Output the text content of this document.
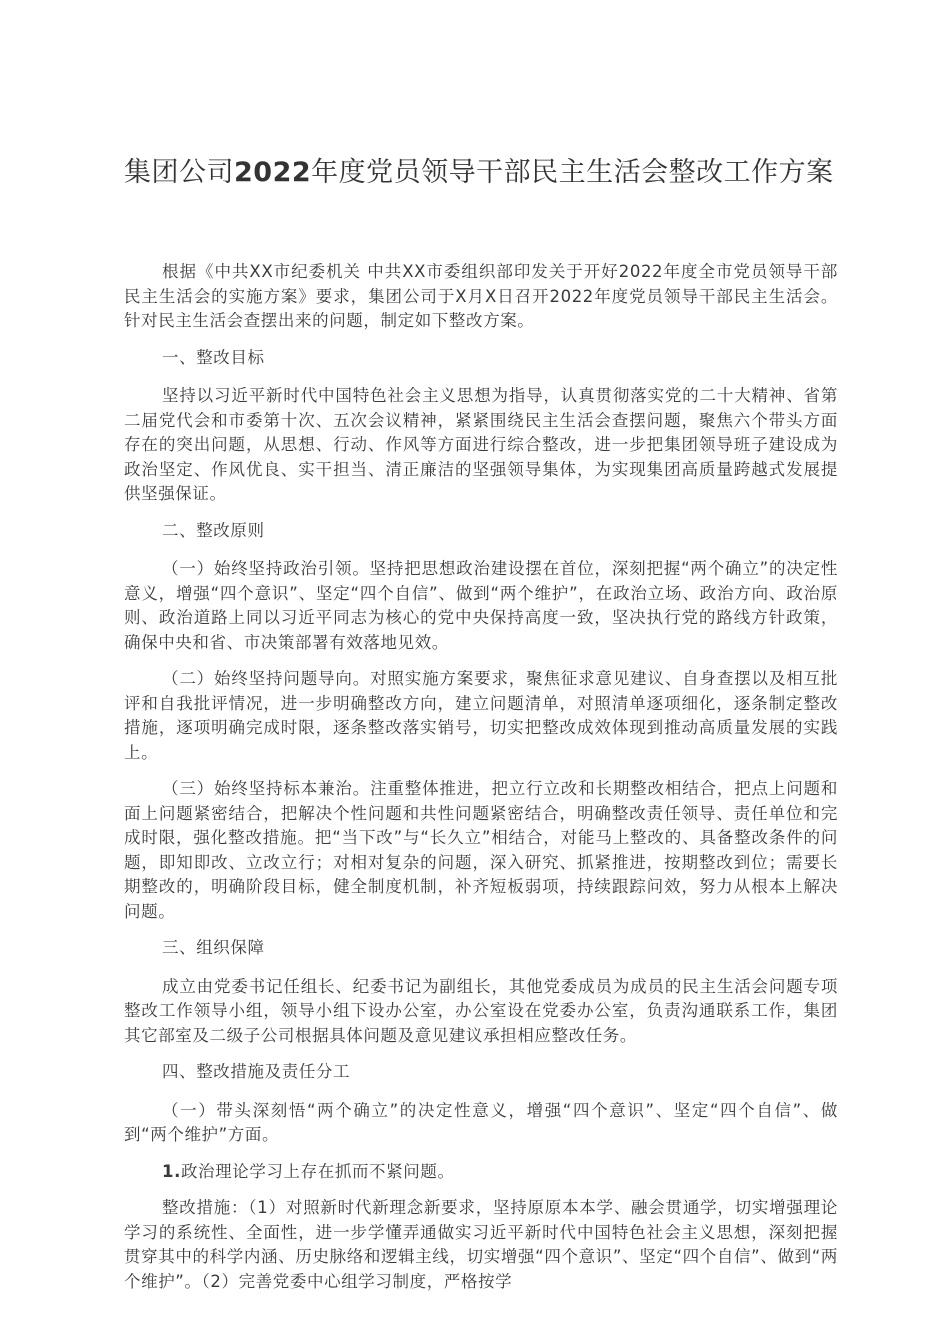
集团公司2022年度党员领导干部民主生活会整改工作方案

根据《中共XX市纪委机关 中共XX市委组织部印发关于开好2022年度全市党员领导干部民主生活会的实施方案》要求，集团公司于X月X日召开2022年度党员领导干部民主生活会。针对民主生活会查摆出来的问题，制定如下整改方案。

一、整改目标

坚持以习近平新时代中国特色社会主义思想为指导，认真贯彻落实党的二十大精神、省第二届党代会和市委第十次、五次会议精神，紧紧围绕民主生活会查摆问题，聚焦六个带头方面存在的突出问题，从思想、行动、作风等方面进行综合整改，进一步把集团领导班子建设成为政治坚定、作风优良、实干担当、清正廉洁的坚强领导集体，为实现集团高质量跨越式发展提供坚强保证。

二、整改原则

（一）始终坚持政治引领。坚持把思想政治建设摆在首位，深刻把握“两个确立”的决定性意义，增强“四个意识”、坚定“四个自信”、做到“两个维护”，在政治立场、政治方向、政治原则、政治道路上同以习近平同志为核心的党中央保持高度一致，坚决执行党的路线方针政策，确保中央和省、市决策部署有效落地见效。

（二）始终坚持问题导向。对照实施方案要求，聚焦征求意见建议、自身查摆以及相互批评和自我批评情况，进一步明确整改方向，建立问题清单，对照清单逐项细化，逐条制定整改措施，逐项明确完成时限，逐条整改落实销号，切实把整改成效体现到推动高质量发展的实践上。

（三）始终坚持标本兼治。注重整体推进，把立行立改和长期整改相结合，把点上问题和面上问题紧密结合，把解决个性问题和共性问题紧密结合，明确整改责任领导、责任单位和完成时限，强化整改措施。把“当下改”与“长久立”相结合，对能马上整改的、具备整改条件的问题，即知即改、立改立行；对相对复杂的问题，深入研究、抓紧推进，按期整改到位；需要长期整改的，明确阶段目标，健全制度机制，补齐短板弱项，持续跟踪问效，努力从根本上解决问题。

三、组织保障

成立由党委书记任组长、纪委书记为副组长，其他党委成员为成员的民主生活会问题专项整改工作领导小组，领导小组下设办公室，办公室设在党委办公室，负责沟通联系工作，集团其它部室及二级子公司根据具体问题及意见建议承担相应整改任务。

四、整改措施及责任分工

（一）带头深刻悟“两个确立”的决定性意义，增强“四个意识”、坚定“四个自信”、做到“两个维护”方面。

1.政治理论学习上存在抓而不紧问题。

整改措施：（1）对照新时代新理念新要求，坚持原原本本学、融会贯通学，切实增强理论学习的系统性、全面性，进一步学懂弄通做实习近平新时代中国特色社会主义思想，深刻把握贯穿其中的科学内涵、历史脉络和逻辑主线，切实增强“四个意识”、坚定“四个自信”、做到“两个维护”。（2）完善党委中心组学习制度，严格按学
